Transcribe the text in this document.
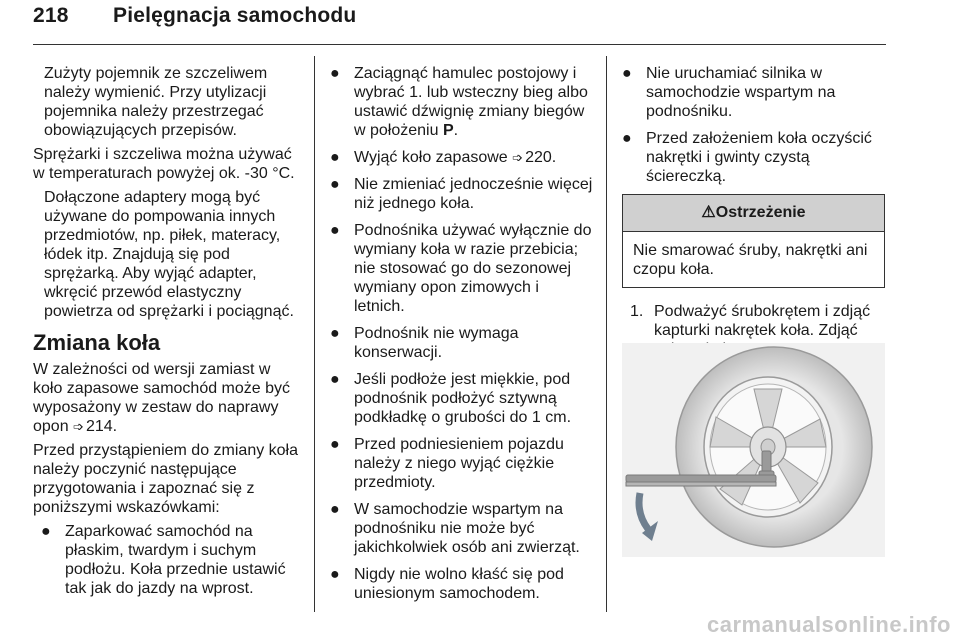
218 Pielęgnacja samochodu

Zużyty pojemnik ze szczeliwem należy wymienić. Przy utylizacji pojemnika należy przestrzegać obowiązujących przepisów.

Sprężarki i szczeliwa można używać w temperaturach powyżej ok. -30 °C.

Dołączone adaptery mogą być używane do pompowania innych przedmiotów, np. piłek, materacy, łódek itp. Znajdują się pod sprężarką. Aby wyjąć adapter, wkręcić przewód elastyczny powietrza od sprężarki i pociągnąć.

Zmiana koła

W zależności od wersji zamiast w koło zapasowe samochód może być wyposażony w zestaw do naprawy opon ➩ 214.

Przed przystąpieniem do zmiany koła należy poczynić następujące przygotowania i zapoznać się z poniższymi wskazówkami:

● Zaparkować samochód na płaskim, twardym i suchym podłożu. Koła przednie ustawić tak jak do jazdy na wprost.
● Zaciągnąć hamulec postojowy i wybrać 1. lub wsteczny bieg albo ustawić dźwignię zmiany biegów w położeniu P.
● Wyjąć koło zapasowe ➩ 220.
● Nie zmieniać jednocześnie więcej niż jednego koła.
● Podnośnika używać wyłącznie do wymiany koła w razie przebicia; nie stosować go do sezonowej wymiany opon zimowych i letnich.
● Podnośnik nie wymaga konserwacji.
● Jeśli podłoże jest miękkie, pod podnośnik podłożyć sztywną podkładkę o grubości do 1 cm.
● Przed podniesieniem pojazdu należy z niego wyjąć ciężkie przedmioty.
● W samochodzie wspartym na podnośniku nie może być jakichkolwiek osób ani zwierząt.
● Nigdy nie wolno kłaść się pod uniesionym samochodem.
● Nie uruchamiać silnika w samochodzie wspartym na podnośniku.
● Przed założeniem koła oczyścić nakrętki i gwinty czystą ściereczką.
⚠Ostrzeżenie
Nie smarować śruby, nakrętki ani czopu koła.
1. Podważyć śrubokrętem i zdjąć kapturki nakrętek koła. Zdjąć
carmanualsonline.info
